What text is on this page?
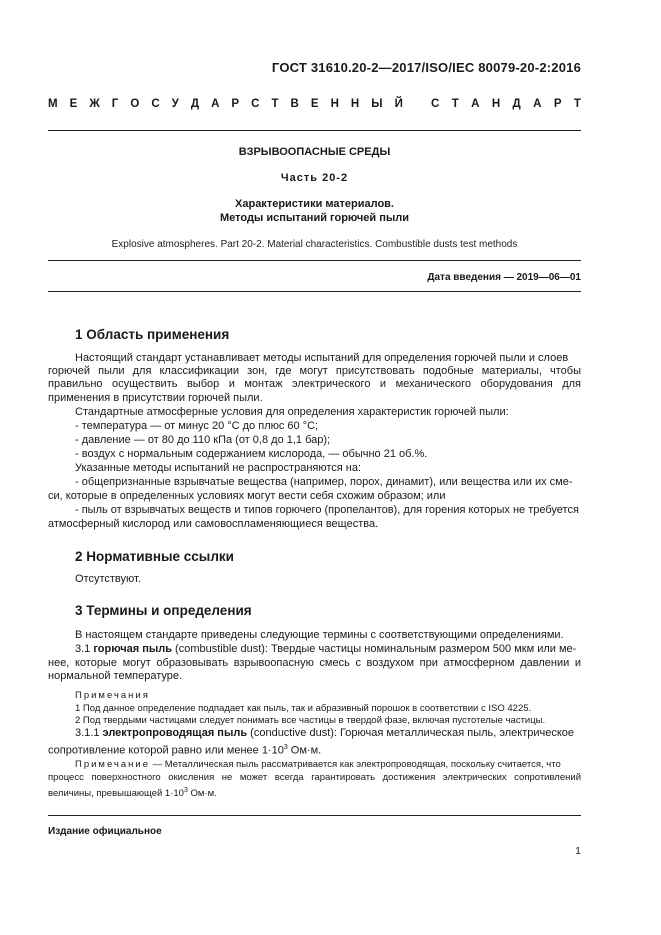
ГОСТ 31610.20-2—2017/ISO/IEC 80079-20-2:2016
М Е Ж Г О С У Д А Р С Т В Е Н Н Ы Й С Т А Н Д А Р Т
ВЗРЫВООПАСНЫЕ СРЕДЫ
Часть 20-2
Характеристики материалов.
Методы испытаний горючей пыли
Explosive atmospheres. Part 20-2. Material characteristics. Combustible dusts test methods
Дата введения — 2019—06—01
1 Область применения
Настоящий стандарт устанавливает методы испытаний для определения горючей пыли и слоев
горючей пыли для классификации зон, где могут присутствовать подобные материалы, чтобы правильно осуществить выбор и монтаж электрического и механического оборудования для применения в присутствии горючей пыли.
Стандартные атмосферные условия для определения характеристик горючей пыли:
- температура — от минус 20 °C до плюс 60 °C;
- давление — от 80 до 110 кПа (от 0,8 до 1,1 бар);
- воздух с нормальным содержанием кислорода, — обычно 21 об.%.
Указанные методы испытаний не распространяются на:
- общепризнанные взрывчатые вещества (например, порох, динамит), или вещества или их сме-
си, которые в определенных условиях могут вести себя схожим образом; или
- пыль от взрывчатых веществ и типов горючего (пропелантов), для горения которых не требуется
атмосферный кислород или самовоспламеняющиеся вещества.
2 Нормативные ссылки
Отсутствуют.
3 Термины и определения
В настоящем стандарте приведены следующие термины с соответствующими определениями.
3.1 горючая пыль (combustible dust): Твердые частицы номинальным размером 500 мкм или ме-
нее, которые могут образовывать взрывоопасную смесь с воздухом при атмосферном давлении и нормальной температуре.
Примечания
1 Под данное определение подпадает как пыль, так и абразивный порошок в соответствии с ISO 4225.
2 Под твердыми частицами следует понимать все частицы в твердой фазе, включая пустотелые частицы.
3.1.1 электропроводящая пыль (conductive dust): Горючая металлическая пыль, электрическое
сопротивление которой равно или менее $1\cdot 10^3$ Ом·м.
Примечание — Металлическая пыль рассматривается как электропроводящая, поскольку считается, что
процесс поверхностного окисления не может всегда гарантировать достижения электрических сопротивлений величины, превышающей $1\cdot 10^3$ Ом·м.
Издание официальное
1
